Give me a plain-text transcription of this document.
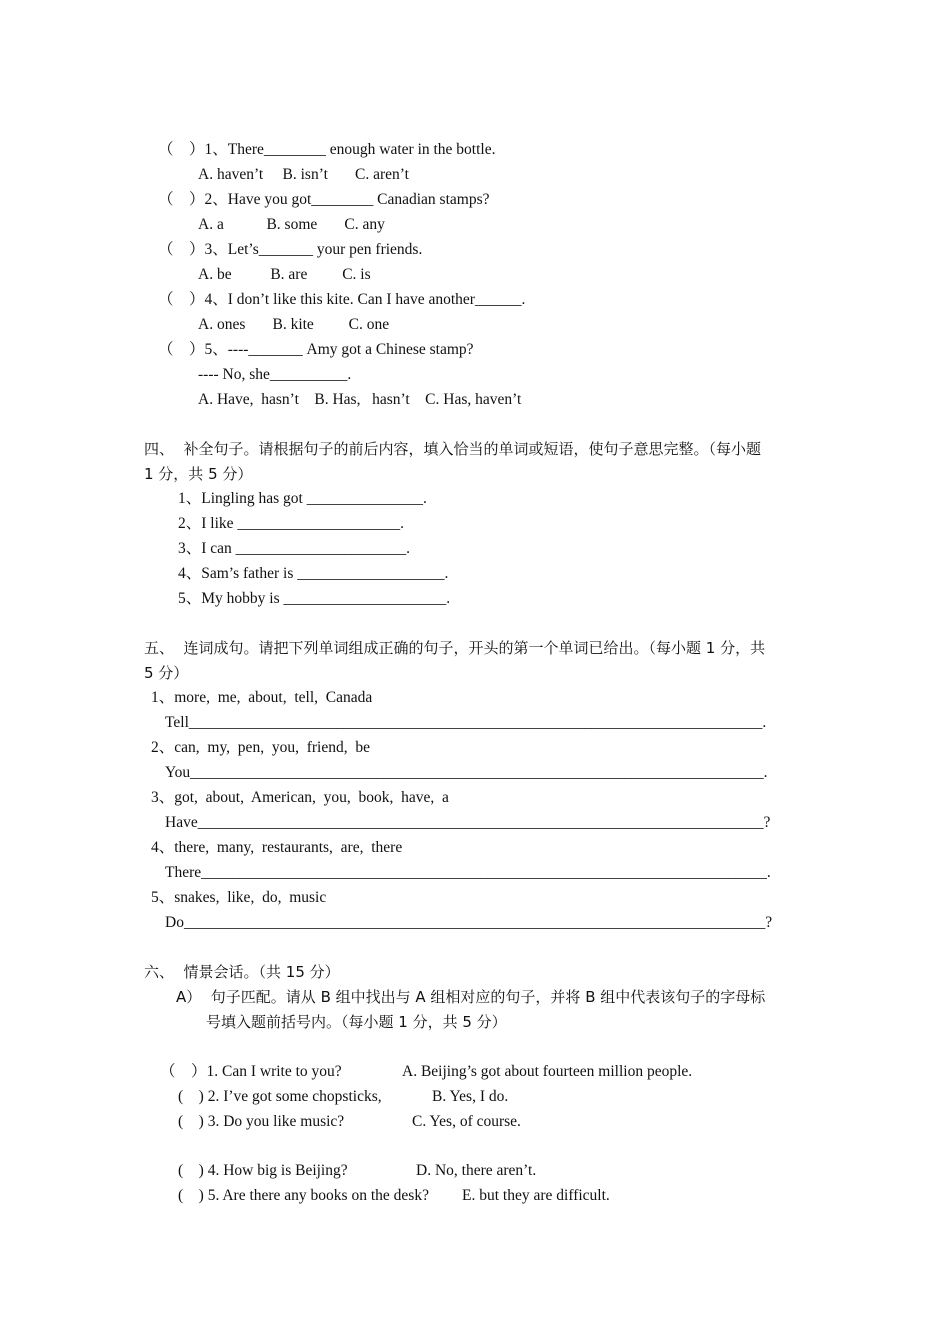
（    ）1、There________ enough water in the bottle.
A. haven’t     B. isn’t       C. aren’t
（    ）2、Have you got________ Canadian stamps?
A. a           B. some       C. any
（    ）3、Let’s_______ your pen friends.
A. be          B. are         C. is
（    ）4、I don’t like this kite. Can I have another______.
A. ones       B. kite         C. one
（    ）5、----_______ Amy got a Chinese stamp?
---- No, she__________.
A. Have,  hasn’t    B. Has,   hasn’t    C. Has, haven’t
四、  补全句子。请根据句子的前后内容，填入恰当的单词或短语，使句子意思完整。（每小题
1 分，共 5 分）
1、Lingling has got _______________.
2、I like _____________________.
3、I can ______________________.
4、Sam’s father is ___________________.
5、My hobby is _____________________.
五、  连词成句。请把下列单词组成正确的句子，开头的第一个单词已给出。（每小题 1 分，共
5 分）
1、more,  me,  about,  tell,  Canada
Tell__________________________________________________________________________.
2、can,  my,  pen,  you,  friend,  be
You__________________________________________________________________________.
3、got,  about,  American,  you,  book,  have,  a
Have_________________________________________________________________________?
4、there,  many,  restaurants,  are,  there
There_________________________________________________________________________.
5、snakes,  like,  do,  music
Do___________________________________________________________________________?
六、  情景会话。（共 15 分）
A）  句子匹配。请从 B 组中找出与 A 组相对应的句子，并将 B 组中代表该句子的字母标
号填入题前括号内。（每小题 1 分，共 5 分）
（    ）1. Can I write to you?	A. Beijing’s got about fourteen million people.
(    ) 2. I’ve got some chopsticks,	B. Yes, I do.
(    ) 3. Do you like music?	C. Yes, of course.
(    ) 4. How big is Beijing?	D. No, there aren’t.
(    ) 5. Are there any books on the desk? E. but they are difficult.
